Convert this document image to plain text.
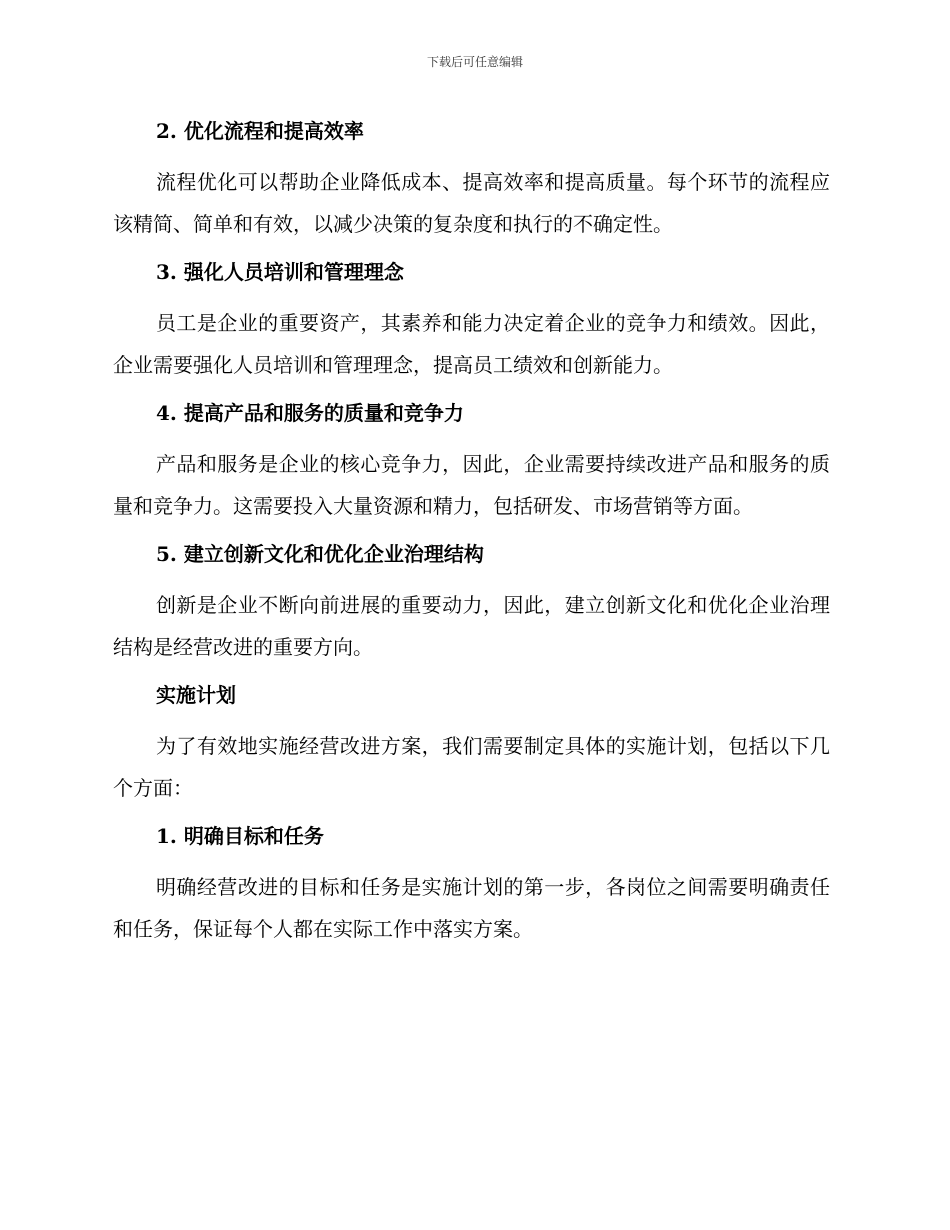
下载后可任意编辑
2. 优化流程和提高效率

流程优化可以帮助企业降低成本、提高效率和提高质量。每个环节的流程应该精简、简单和有效，以减少决策的复杂度和执行的不确定性。

3. 强化人员培训和管理理念

员工是企业的重要资产，其素养和能力决定着企业的竞争力和绩效。因此，企业需要强化人员培训和管理理念，提高员工绩效和创新能力。

4. 提高产品和服务的质量和竞争力

产品和服务是企业的核心竞争力，因此，企业需要持续改进产品和服务的质量和竞争力。这需要投入大量资源和精力，包括研发、市场营销等方面。

5. 建立创新文化和优化企业治理结构

创新是企业不断向前进展的重要动力，因此，建立创新文化和优化企业治理结构是经营改进的重要方向。

实施计划

为了有效地实施经营改进方案，我们需要制定具体的实施计划，包括以下几个方面：

1. 明确目标和任务

明确经营改进的目标和任务是实施计划的第一步，各岗位之间需要明确责任和任务，保证每个人都在实际工作中落实方案。
